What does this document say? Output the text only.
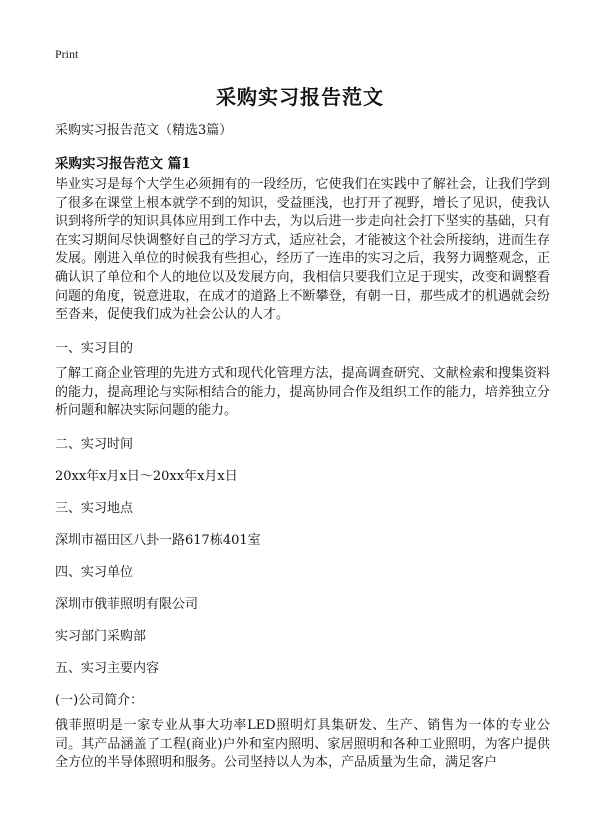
Print
采购实习报告范文
采购实习报告范文（精选3篇）
采购实习报告范文 篇1

毕业实习是每个大学生必须拥有的一段经历，它使我们在实践中了解社会，让我们学到了很多在课堂上根本就学不到的知识，受益匪浅，也打开了视野，增长了见识，使我认识到将所学的知识具体应用到工作中去，为以后进一步走向社会打下坚实的基础，只有在实习期间尽快调整好自己的学习方式，适应社会，才能被这个社会所接纳，进而生存发展。刚进入单位的时候我有些担心，经历了一连串的实习之后，我努力调整观念，正确认识了单位和个人的地位以及发展方向，我相信只要我们立足于现实，改变和调整看问题的角度，锐意进取，在成才的道路上不断攀登，有朝一日，那些成才的机遇就会纷至沓来，促使我们成为社会公认的人才。

一、实习目的

了解工商企业管理的先进方式和现代化管理方法，提高调查研究、文献检索和搜集资料的能力，提高理论与实际相结合的能力，提高协同合作及组织工作的能力，培养独立分析问题和解决实际问题的能力。

二、实习时间
20xx年x月x日～20xx年x月x日
三、实习地点
深圳市福田区八卦一路617栋401室
四、实习单位
深圳市俄菲照明有限公司
实习部门采购部
五、实习主要内容
(一)公司简介：

俄菲照明是一家专业从事大功率LED照明灯具集研发、生产、销售为一体的专业公司。其产品涵盖了工程(商业)户外和室内照明、家居照明和各种工业照明，为客户提供全方位的半导体照明和服务。公司坚持以人为本，产品质量为生命，满足客户
